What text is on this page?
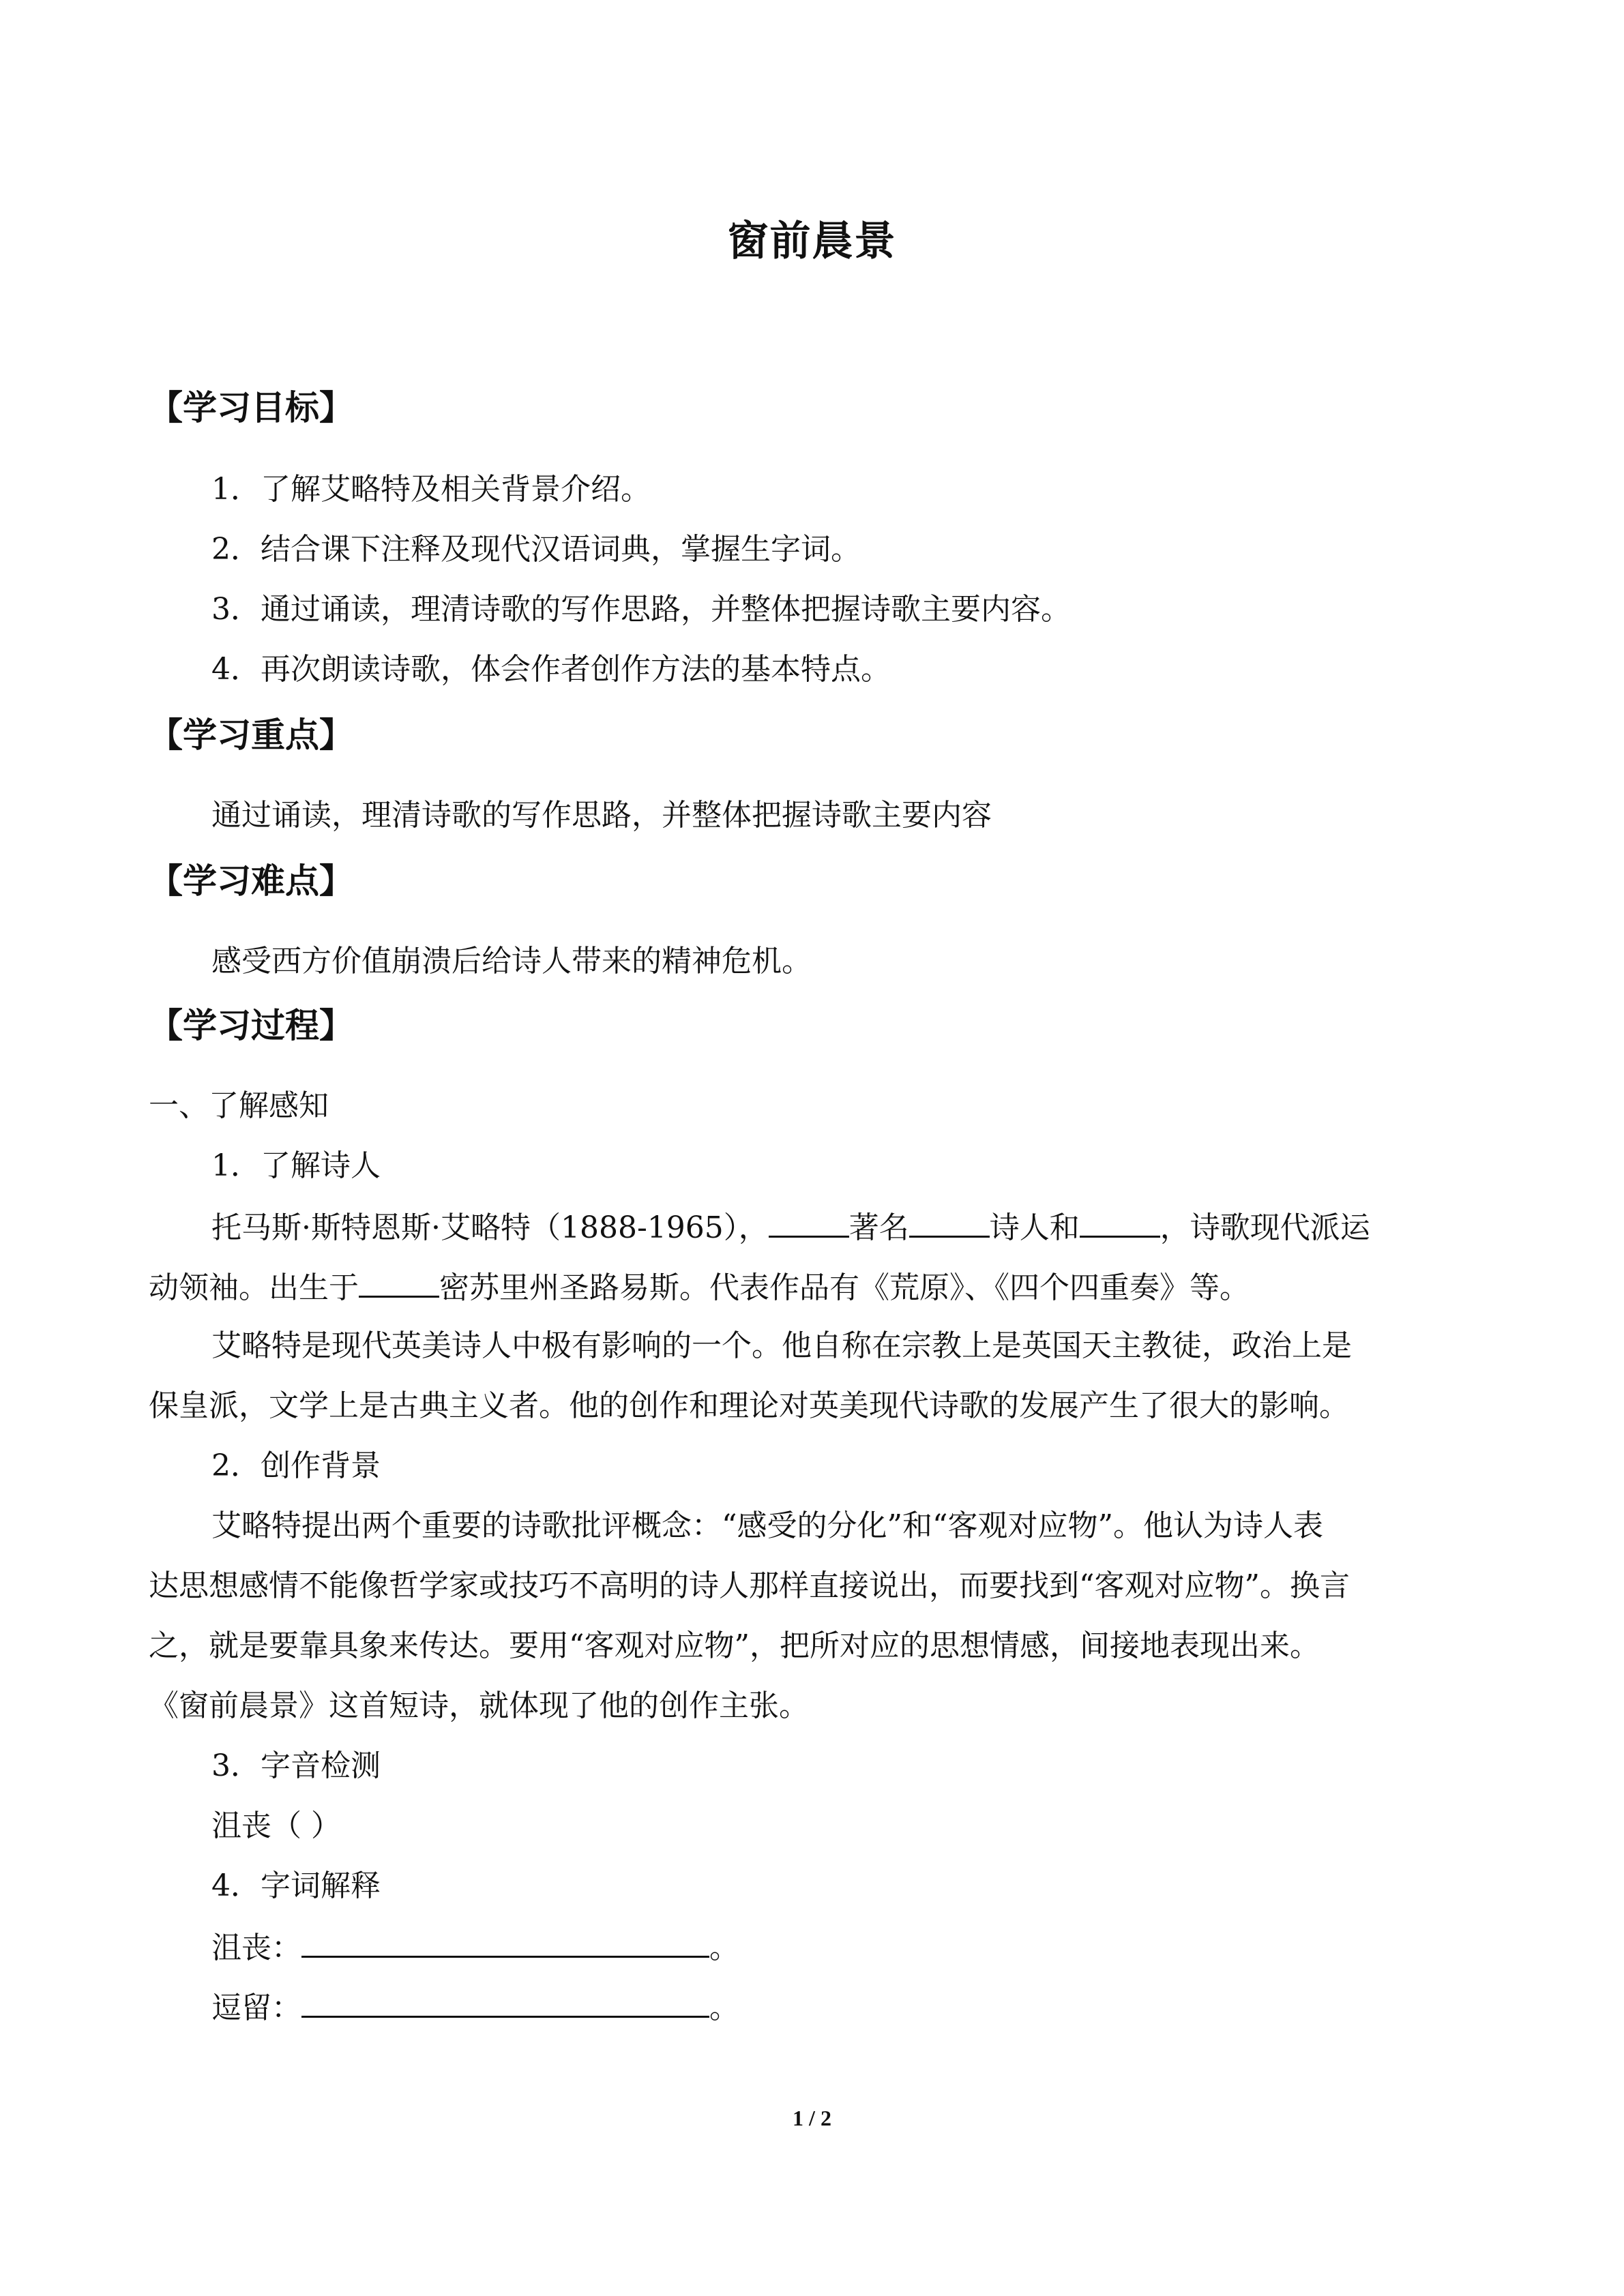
窗前晨景
【学习目标】
1．了解艾略特及相关背景介绍。
2．结合课下注释及现代汉语词典，掌握生字词。
3．通过诵读，理清诗歌的写作思路，并整体把握诗歌主要内容。
4．再次朗读诗歌，体会作者创作方法的基本特点。
【学习重点】
通过诵读，理清诗歌的写作思路，并整体把握诗歌主要内容
【学习难点】
感受西方价值崩溃后给诗人带来的精神危机。
【学习过程】
一、了解感知
1．了解诗人
托马斯·斯特恩斯·艾略特（1888-1965），	著名	诗人和	，诗歌现代派运
动领袖。出生于	密苏里州圣路易斯。代表作品有《荒原》、《四个四重奏》等。
艾略特是现代英美诗人中极有影响的一个。他自称在宗教上是英国天主教徒，政治上是
保皇派，文学上是古典主义者。他的创作和理论对英美现代诗歌的发展产生了很大的影响。
2．创作背景
艾略特提出两个重要的诗歌批评概念：“感受的分化”和“客观对应物”。他认为诗人表
达思想感情不能像哲学家或技巧不高明的诗人那样直接说出，而要找到“客观对应物”。换言
之，就是要靠具象来传达。要用“客观对应物”，把所对应的思想情感，间接地表现出来。
《窗前晨景》这首短诗，就体现了他的创作主张。
3．字音检测
沮丧（ ）
4．字词解释
沮丧：	。
逗留：	。
1 / 2
